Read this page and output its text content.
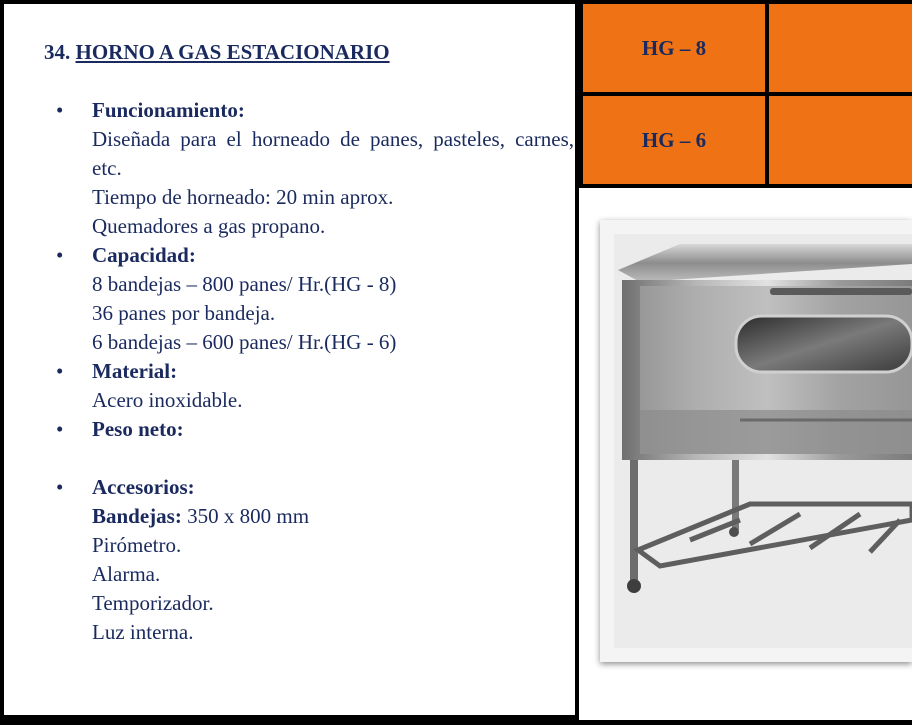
34. HORNO A GAS ESTACIONARIO
• Funcionamiento:
Diseñada para el horneado de panes, pasteles, carnes, etc.
Tiempo de horneado: 20 min aprox.
Quemadores a gas propano.
• Capacidad:
8 bandejas – 800 panes/ Hr.(HG - 8)
36 panes por bandeja.
6 bandejas – 600 panes/ Hr.(HG - 6)
• Material:
Acero inoxidable.
• Peso neto:
• Accesorios:
Bandejas: 350 x 800 mm
Pirómetro.
Alarma.
Temporizador.
Luz interna.
HG – 8
HG – 6
